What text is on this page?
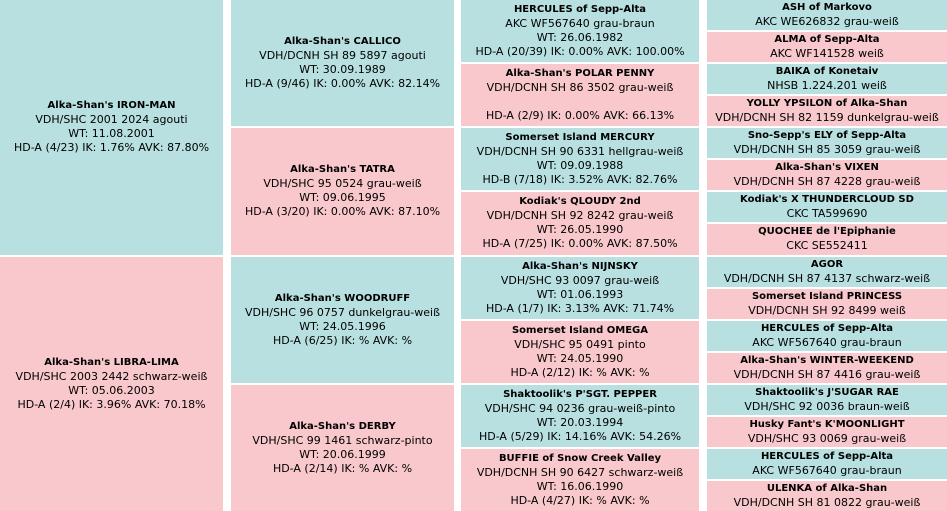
Alka-Shan's IRON-MAN
VDH/SHC 2001 2024 agouti
WT: 11.08.2001
HD-A (4/23) IK: 1.76% AVK: 87.80%
Alka-Shan's LIBRA-LIMA
VDH/SHC 2003 2442 schwarz-weiß
WT: 05.06.2003
HD-A (2/4) IK: 3.96% AVK: 70.18%
Alka-Shan's CALLICO
VDH/DCNH SH 89 5897 agouti
WT: 30.09.1989
HD-A (9/46) IK: 0.00% AVK: 82.14%
Alka-Shan's TATRA
VDH/SHC 95 0524 grau-weiß
WT: 09.06.1995
HD-A (3/20) IK: 0.00% AVK: 87.10%
Alka-Shan's WOODRUFF
VDH/SHC 96 0757 dunkelgrau-weiß
WT: 24.05.1996
HD-A (6/25) IK: % AVK: %
Alka-Shan's DERBY
VDH/SHC 99 1461 schwarz-pinto
WT: 20.06.1999
HD-A (2/14) IK: % AVK: %
HERCULES of Sepp-Alta
AKC WF567640 grau-braun
WT: 26.06.1982
HD-A (20/39) IK: 0.00% AVK: 100.00%
Alka-Shan's POLAR PENNY
VDH/DCNH SH 86 3502 grau-weiß

HD-A (2/9) IK: 0.00% AVK: 66.13%
Somerset Island MERCURY
VDH/DCNH SH 90 6331 hellgrau-weiß
WT: 09.09.1988
HD-B (7/18) IK: 3.52% AVK: 82.76%
Kodiak's QLOUDY 2nd
VDH/DCNH SH 92 8242 grau-weiß
WT: 26.05.1990
HD-A (7/25) IK: 0.00% AVK: 87.50%
Alka-Shan's NIJNSKY
VDH/SHC 93 0097 grau-weiß
WT: 01.06.1993
HD-A (1/7) IK: 3.13% AVK: 71.74%
Somerset Island OMEGA
VDH/SHC 95 0491 pinto
WT: 24.05.1990
HD-A (2/12) IK: % AVK: %
Shaktoolik's P'SGT. PEPPER
VDH/SHC 94 0236 grau-weiß-pinto
WT: 20.03.1994
HD-A (5/29) IK: 14.16% AVK: 54.26%
BUFFIE of Snow Creek Valley
VDH/DCNH SH 90 6427 schwarz-weiß
WT: 16.06.1990
HD-A (4/27) IK: % AVK: %
ASH of Markovo
AKC WE626832 grau-weiß
ALMA of Sepp-Alta
AKC WF141528 weiß
BAIKA of Konetaiv
NHSB 1.224.201 weiß
YOLLY YPSILON of Alka-Shan
VDH/DCNH SH 82 1159 dunkelgrau-weiß
Sno-Sepp's ELY of Sepp-Alta
VDH/DCNH SH 85 3059 grau-weiß
Alka-Shan's VIXEN
VDH/DCNH SH 87 4228 grau-weiß
Kodiak's X THUNDERCLOUD SD
CKC TA599690
QUOCHEE de l'Epiphanie
CKC SE552411
AGOR
VDH/DCNH SH 87 4137 schwarz-weiß
Somerset Island PRINCESS
VDH/DCNH SH 92 8499 weiß
HERCULES of Sepp-Alta
AKC WF567640 grau-braun
Alka-Shan's WINTER-WEEKEND
VDH/DCNH SH 87 4416 grau-weiß
Shaktoolik's J'SUGAR RAE
VDH/SHC 92 0036 braun-weiß
Husky Fant's K'MOONLIGHT
VDH/SHC 93 0069 grau-weiß
HERCULES of Sepp-Alta
AKC WF567640 grau-braun
ULENKA of Alka-Shan
VDH/DCNH SH 81 0822 grau-weiß
